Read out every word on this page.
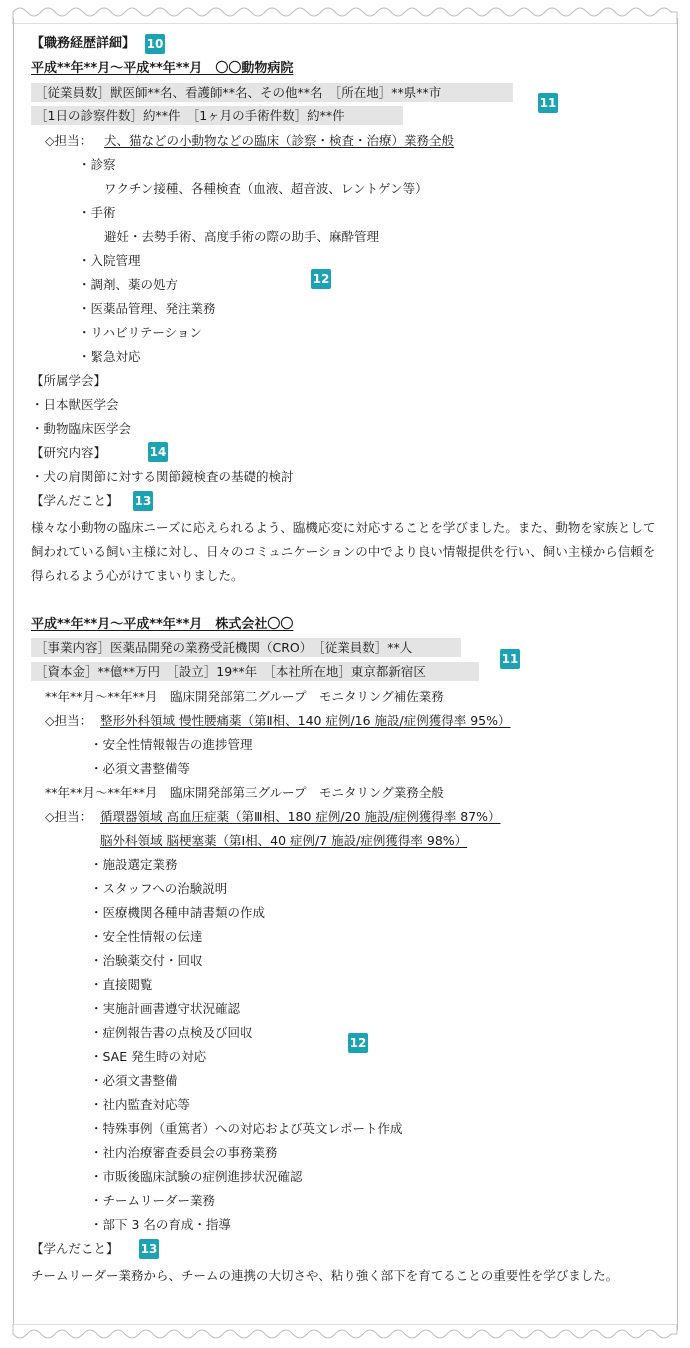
【職務経歴詳細】 10
平成**年**月～平成**年**月　〇〇動物病院
［従業員数］獣医師**名、看護師**名、その他**名　［所在地］**県**市
［1日の診察件数］約**件　［1ヶ月の手術件数］約**件
11
◇担当： 犬、猫などの小動物などの臨床（診察・検査・治療）業務全般
・診察
ワクチン接種、各種検査（血液、超音波、レントゲン等）
・手術
避妊・去勢手術、高度手術の際の助手、麻酔管理
・入院管理
・調剤、薬の処方
・医薬品管理、発注業務
・リハビリテーション
・緊急対応
12
【所属学会】
・日本獣医学会
・動物臨床医学会
【研究内容】	14
・犬の肩関節に対する関節鏡検査の基礎的検討
【学んだこと】 13
様々な小動物の臨床ニーズに応えられるよう、臨機応変に対応することを学びました。また、動物を家族として飼われている飼い主様に対し、日々のコミュニケーションの中でより良い情報提供を行い、飼い主様から信頼を得られるよう心がけてまいりました。
平成**年**月～平成**年**月　株式会社〇〇
［事業内容］医薬品開発の業務受託機関（CRO）　［従業員数］**人
［資本金］**億**万円　［設立］19**年　［本社所在地］東京都新宿区
11
**年**月～**年**月　臨床開発部第二グループ　モニタリング補佐業務
◇担当： 整形外科領域 慢性腰痛薬（第Ⅱ相、140 症例/16 施設/症例獲得率 95%）
・安全性情報報告の進捗管理
・必須文書整備等
**年**月～**年**月　臨床開発部第三グループ　モニタリング業務全般
◇担当： 循環器領域 高血圧症薬（第Ⅲ相、180 症例/20 施設/症例獲得率 87%）
脳外科領域 脳梗塞薬（第Ⅰ相、40 症例/7 施設/症例獲得率 98%）
・施設選定業務
・スタッフへの治験説明
・医療機関各種申請書類の作成
・安全性情報の伝達
・治験薬交付・回収
・直接閲覧
・実施計画書遵守状況確認
・症例報告書の点検及び回収
・SAE 発生時の対応
・必須文書整備
・社内監査対応等
・特殊事例（重篤者）への対応および英文レポート作成
・社内治療審査委員会の事務業務
・市販後臨床試験の症例進捗状況確認
・チームリーダー業務
・部下 3 名の育成・指導
12
【学んだこと】 13
チームリーダー業務から、チームの連携の大切さや、粘り強く部下を育てることの重要性を学びました。
